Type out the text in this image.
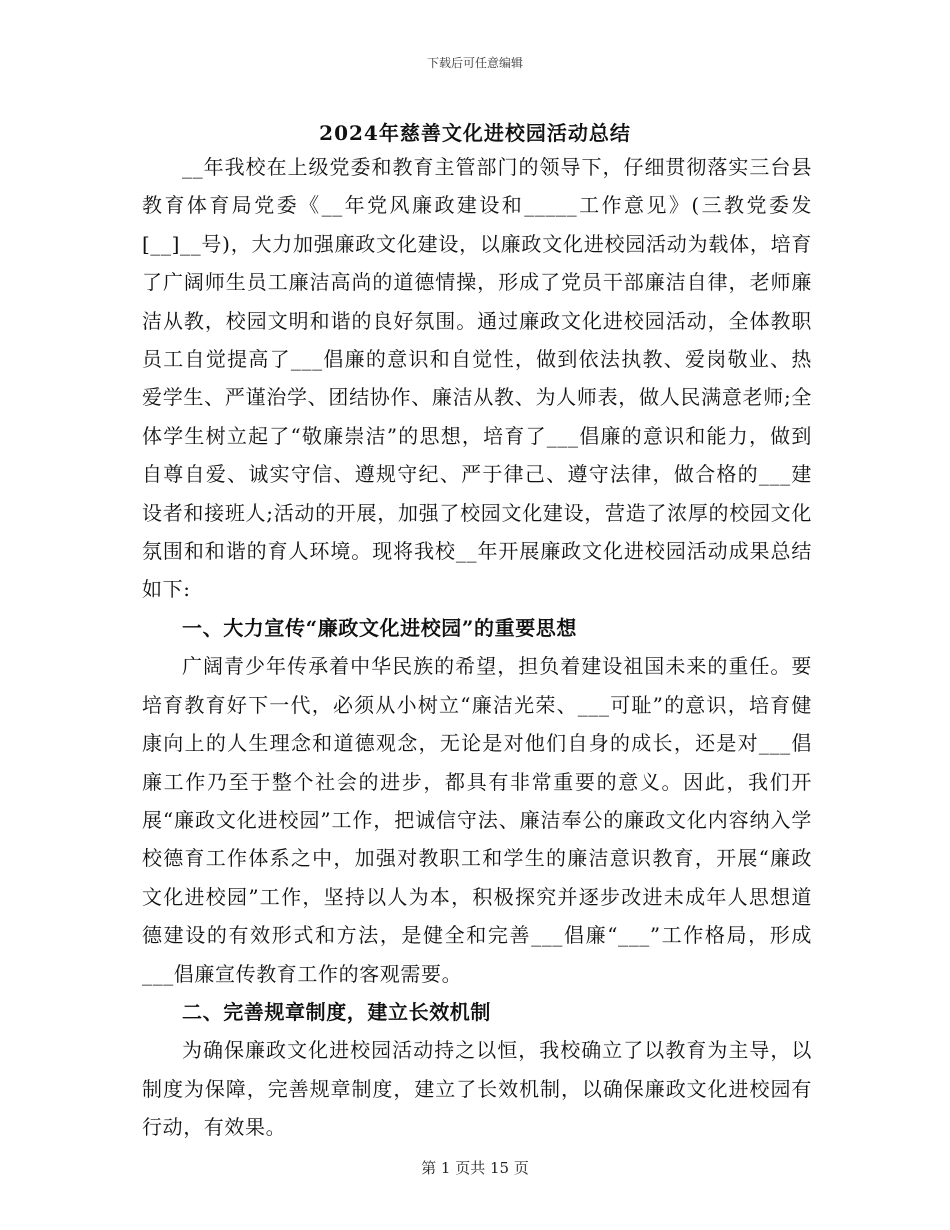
下载后可任意编辑
2024年慈善文化进校园活动总结

__年我校在上级党委和教育主管部门的领导下，仔细贯彻落实三台县教育体育局党委《__年党风廉政建设和_____工作意见》(三教党委发[__]__号)，大力加强廉政文化建设，以廉政文化进校园活动为载体，培育了广阔师生员工廉洁高尚的道德情操，形成了党员干部廉洁自律，老师廉洁从教，校园文明和谐的良好氛围。通过廉政文化进校园活动，全体教职员工自觉提高了___倡廉的意识和自觉性，做到依法执教、爱岗敬业、热爱学生、严谨治学、团结协作、廉洁从教、为人师表，做人民满意老师;全体学生树立起了“敬廉崇洁”的思想，培育了___倡廉的意识和能力，做到自尊自爱、诚实守信、遵规守纪、严于律己、遵守法律，做合格的___建设者和接班人;活动的开展，加强了校园文化建设，营造了浓厚的校园文化氛围和和谐的育人环境。现将我校__年开展廉政文化进校园活动成果总结如下:

一、大力宣传“廉政文化进校园”的重要思想

广阔青少年传承着中华民族的希望，担负着建设祖国未来的重任。要培育教育好下一代，必须从小树立“廉洁光荣、___可耻”的意识，培育健康向上的人生理念和道德观念，无论是对他们自身的成长，还是对___倡廉工作乃至于整个社会的进步，都具有非常重要的意义。因此，我们开展“廉政文化进校园”工作，把诚信守法、廉洁奉公的廉政文化内容纳入学校德育工作体系之中，加强对教职工和学生的廉洁意识教育，开展“廉政文化进校园”工作，坚持以人为本，积极探究并逐步改进未成年人思想道德建设的有效形式和方法，是健全和完善___倡廉“___”工作格局，形成___倡廉宣传教育工作的客观需要。

二、完善规章制度，建立长效机制

为确保廉政文化进校园活动持之以恒，我校确立了以教育为主导，以制度为保障，完善规章制度，建立了长效机制，以确保廉政文化进校园有行动，有效果。

第 1 页共 15 页
